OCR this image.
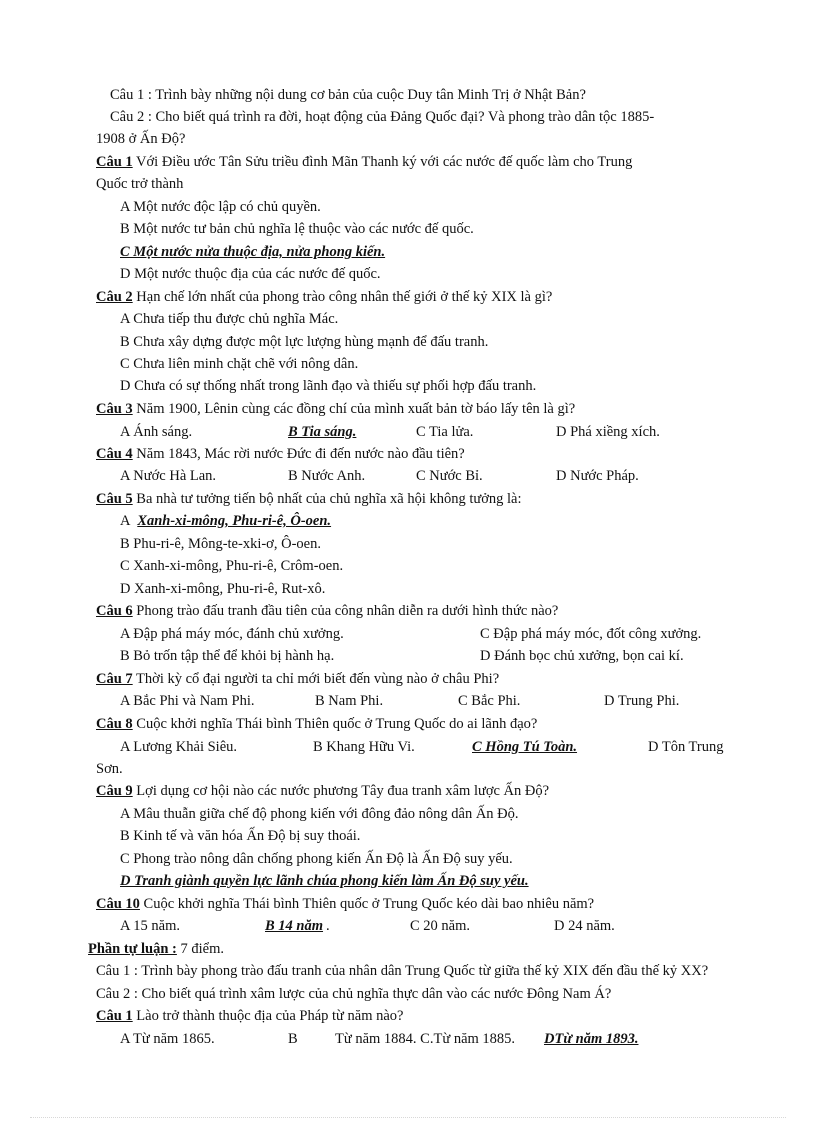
Câu 1 : Trình bày những nội dung cơ bản của cuộc Duy tân Minh Trị ở Nhật Bản?
Câu 2 : Cho biết quá trình ra đời, hoạt động của Đảng Quốc đại? Và phong trào dân tộc 1885-
1908 ở Ấn Độ?
Câu 1 Với Điều ước Tân Sửu triều đình Mãn Thanh ký với các nước đế quốc làm cho Trung
Quốc trở thành
A Một nước độc lập có chủ quyền.
B Một nước tư bản chủ nghĩa lệ thuộc vào các nước đế quốc.
C Một nước nửa thuộc địa, nửa phong kiến.
D Một nước thuộc địa của các nước đế quốc.
Câu 2 Hạn chế lớn nhất của phong trào công nhân thế giới ở thế kỷ XIX là gì?
A Chưa tiếp thu được chủ nghĩa Mác.
B Chưa xây dựng được một lực lượng hùng mạnh để đấu tranh.
C Chưa liên minh chặt chẽ với nông dân.
D Chưa có sự thống nhất trong lãnh đạo và thiếu sự phối hợp đấu tranh.
Câu 3 Năm 1900, Lênin cùng các đồng chí của mình xuất bản tờ báo lấy tên là gì?
A Ánh sáng.	B Tia sáng.	C Tia lửa.	D Phá xiềng xích.
Câu 4 Năm 1843, Mác rời nước Đức đi đến nước nào đầu tiên?
A Nước Hà Lan.	B Nước Anh.	C Nước Bỉ.	D Nước Pháp.
Câu 5 Ba nhà tư tưởng tiến bộ nhất của chủ nghĩa xã hội không tưởng là:
A Xanh-xi-mông, Phu-ri-ê, Ô-oen.
B Phu-ri-ê, Mông-te-xki-ơ, Ô-oen.
C Xanh-xi-mông, Phu-ri-ê, Crôm-oen.
D Xanh-xi-mông, Phu-ri-ê, Rut-xô.
Câu 6 Phong trào đấu tranh đầu tiên của công nhân diễn ra dưới hình thức nào?
A Đập phá máy móc, đánh chủ xưởng.	C Đập phá máy móc, đốt công xưởng.
B Bỏ trốn tập thể để khỏi bị hành hạ.	D Đánh bọc chủ xưởng, bọn cai kí.
Câu 7 Thời kỳ cổ đại người ta chỉ mới biết đến vùng nào ở châu Phi?
A Bắc Phi và Nam Phi.	B Nam Phi.	C Bắc Phi.	D Trung Phi.
Câu 8 Cuộc khởi nghĩa Thái bình Thiên quốc ở Trung Quốc do ai lãnh đạo?
A Lương Khải Siêu.	B Khang Hữu Vi.	C Hồng Tú Toàn.	D Tôn Trung
Sơn.
Câu 9 Lợi dụng cơ hội nào các nước phương Tây đua tranh xâm lược Ấn Độ?
A Mâu thuẫn giữa chế độ phong kiến với đông đảo nông dân Ấn Độ.
B Kinh tế và văn hóa Ấn Độ bị suy thoái.
C Phong trào nông dân chống phong kiến Ấn Độ là Ấn Độ suy yếu.
D Tranh giành quyền lực lãnh chúa phong kiến làm Ấn Độ suy yếu.
Câu 10 Cuộc khởi nghĩa Thái bình Thiên quốc ở Trung Quốc kéo dài bao nhiêu năm?
A 15 năm.	B 14 năm .	C 20 năm.	D 24 năm.
Phần tự luận : 7 điểm.
Câu 1 : Trình bày phong trào đấu tranh của nhân dân Trung Quốc từ giữa thế kỷ XIX đến đầu thế kỷ XX?
Câu 2 : Cho biết quá trình xâm lược của chủ nghĩa thực dân vào các nước Đông Nam Á?
Câu 1 Lào trở thành thuộc địa của Pháp từ năm nào?
A Từ năm 1865.	B	Từ năm 1884. C.Từ năm 1885. DTừ năm 1893.
